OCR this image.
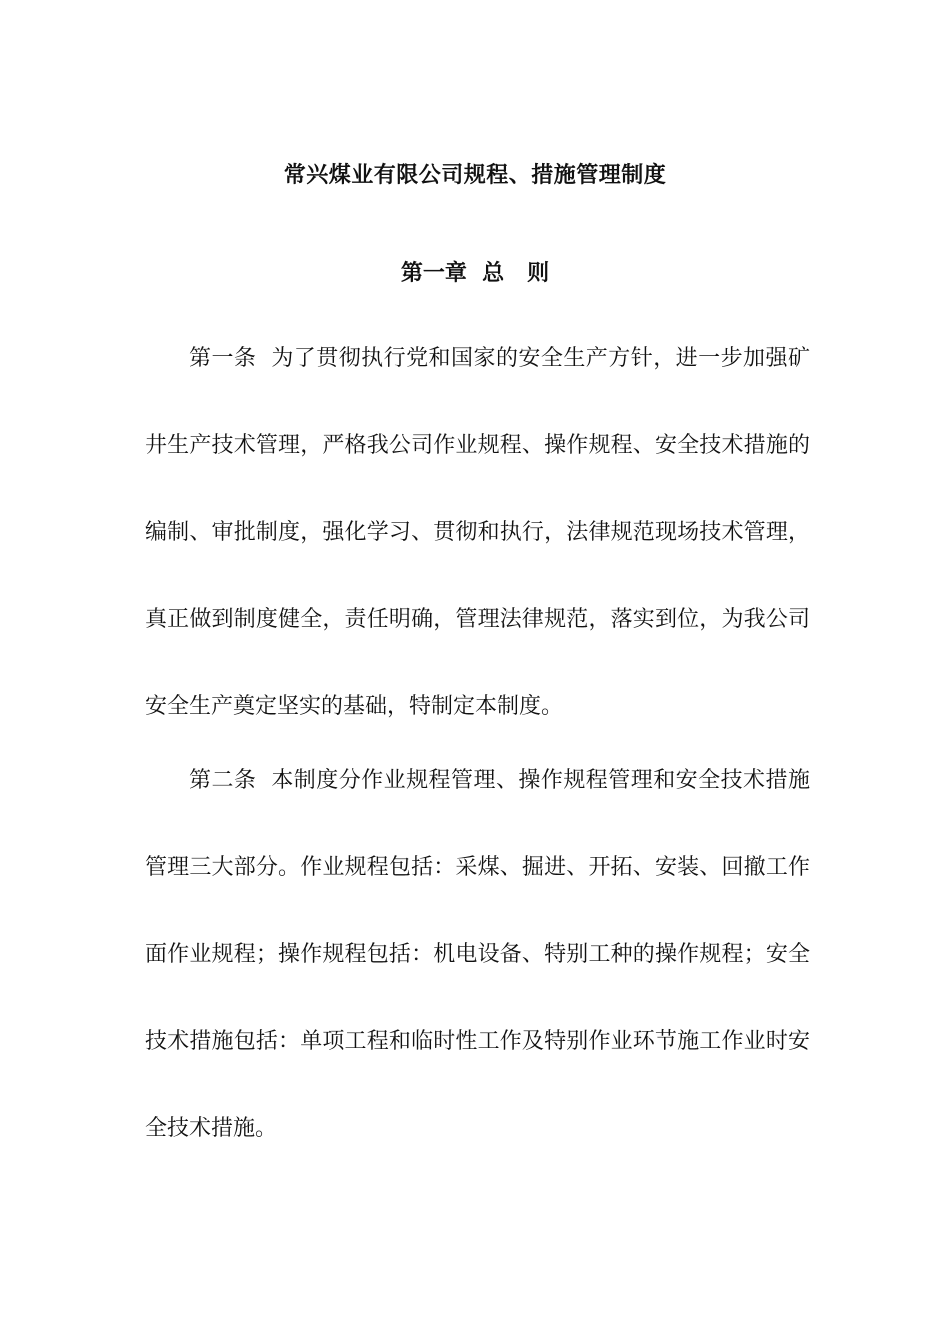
常兴煤业有限公司规程、措施管理制度
第一章  总   则

第一条  为了贯彻执行党和国家的安全生产方针，进一步加强矿井生产技术管理，严格我公司作业规程、操作规程、安全技术措施的编制、审批制度，强化学习、贯彻和执行，法律规范现场技术管理，真正做到制度健全，责任明确，管理法律规范，落实到位，为我公司安全生产奠定坚实的基础，特制定本制度。

第二条  本制度分作业规程管理、操作规程管理和安全技术措施管理三大部分。作业规程包括：采煤、掘进、开拓、安装、回撤工作面作业规程；操作规程包括：机电设备、特别工种的操作规程；安全技术措施包括：单项工程和临时性工作及特别作业环节施工作业时安全技术措施。
